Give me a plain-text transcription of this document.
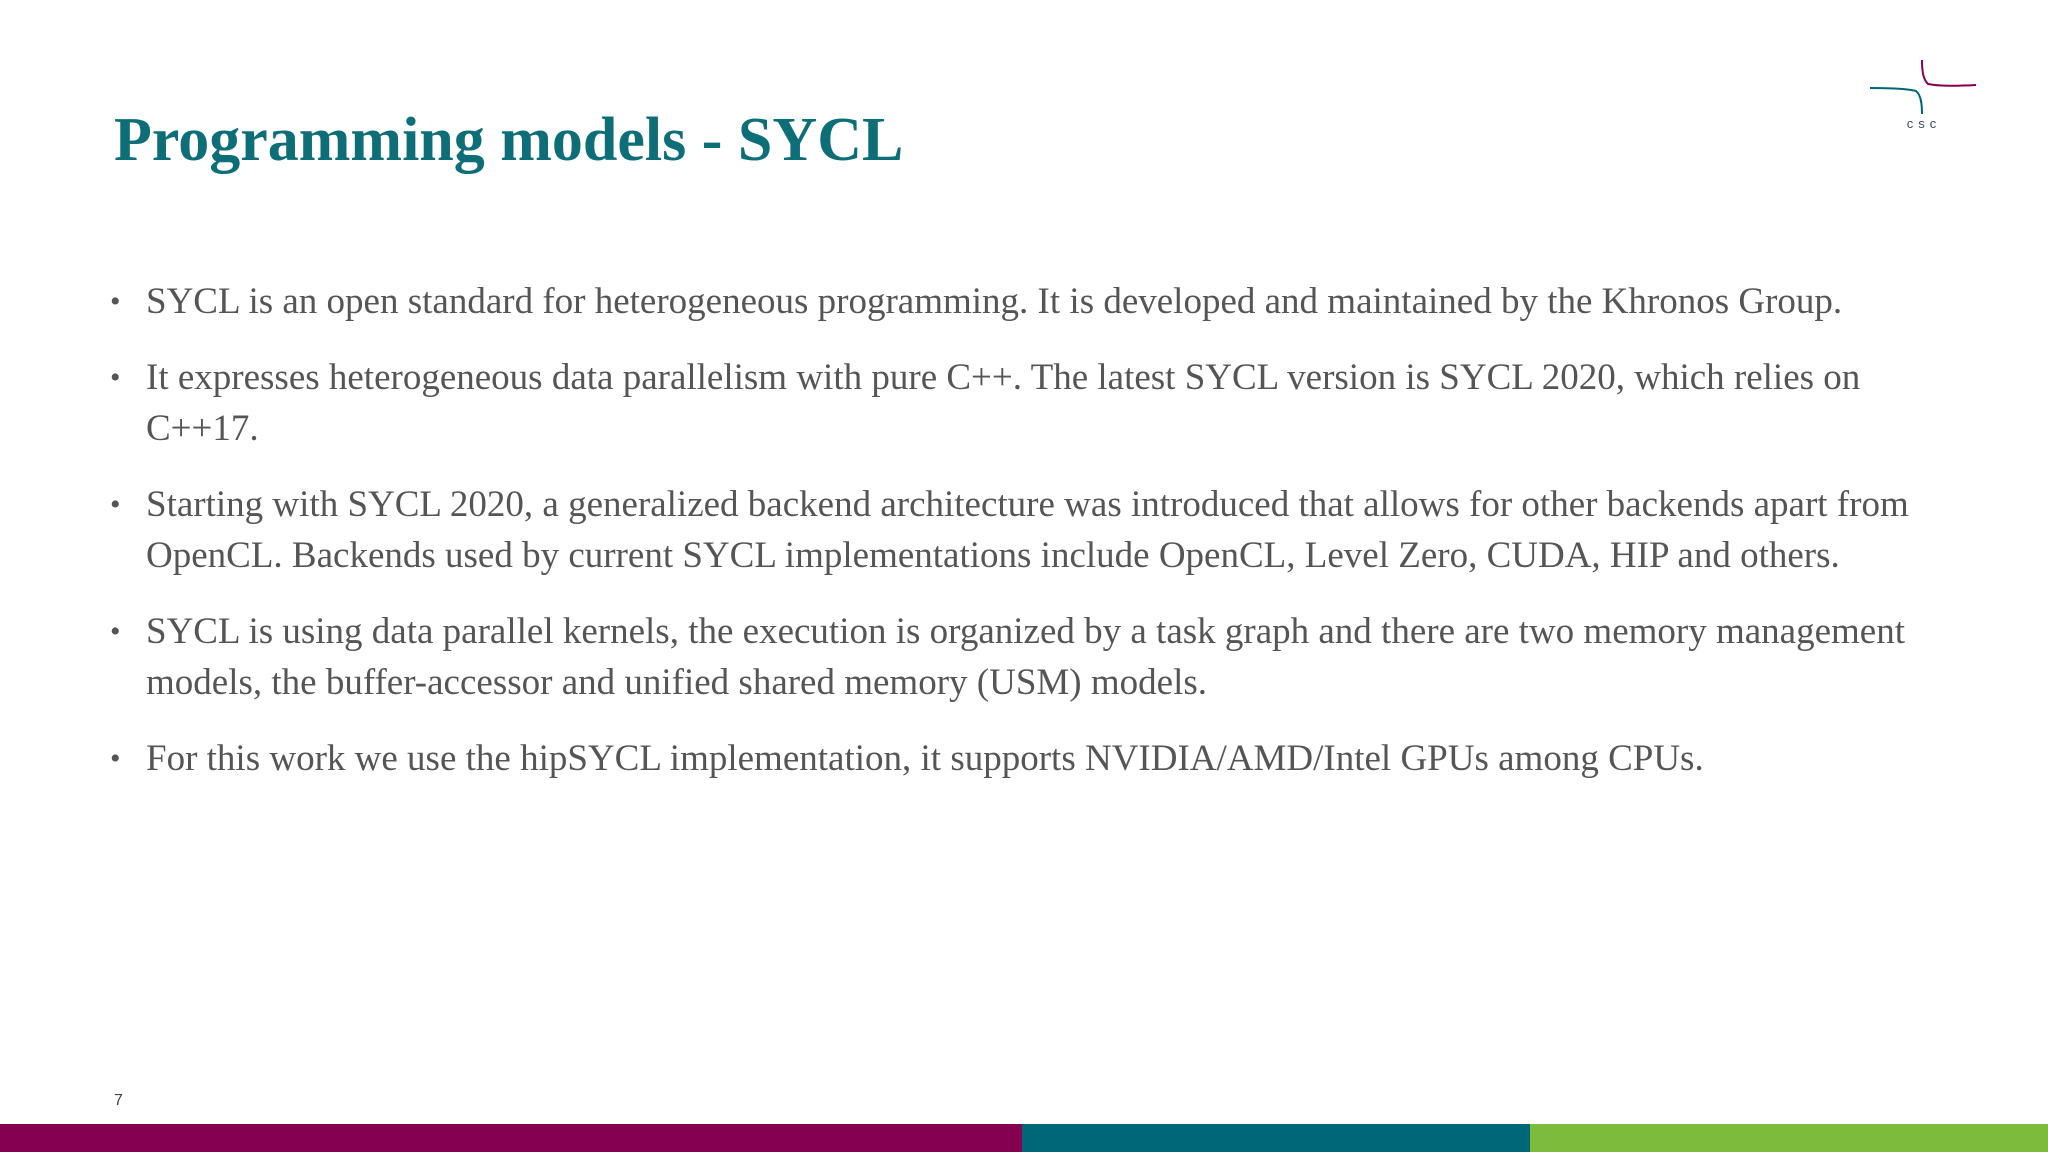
Programming models - SYCL	csc
• SYCL is an open standard for heterogeneous programming. It is developed and maintained by the Khronos Group.
• It expresses heterogeneous data parallelism with pure C++. The latest SYCL version is SYCL 2020, which relies on C++17.
• Starting with SYCL 2020, a generalized backend architecture was introduced that allows for other backends apart from OpenCL. Backends used by current SYCL implementations include OpenCL, Level Zero, CUDA, HIP and others.
• SYCL is using data parallel kernels, the execution is organized by a task graph and there are two memory management models, the buffer-accessor and unified shared memory (USM) models.
• For this work we use the hipSYCL implementation, it supports NVIDIA/AMD/Intel GPUs among CPUs.
7
